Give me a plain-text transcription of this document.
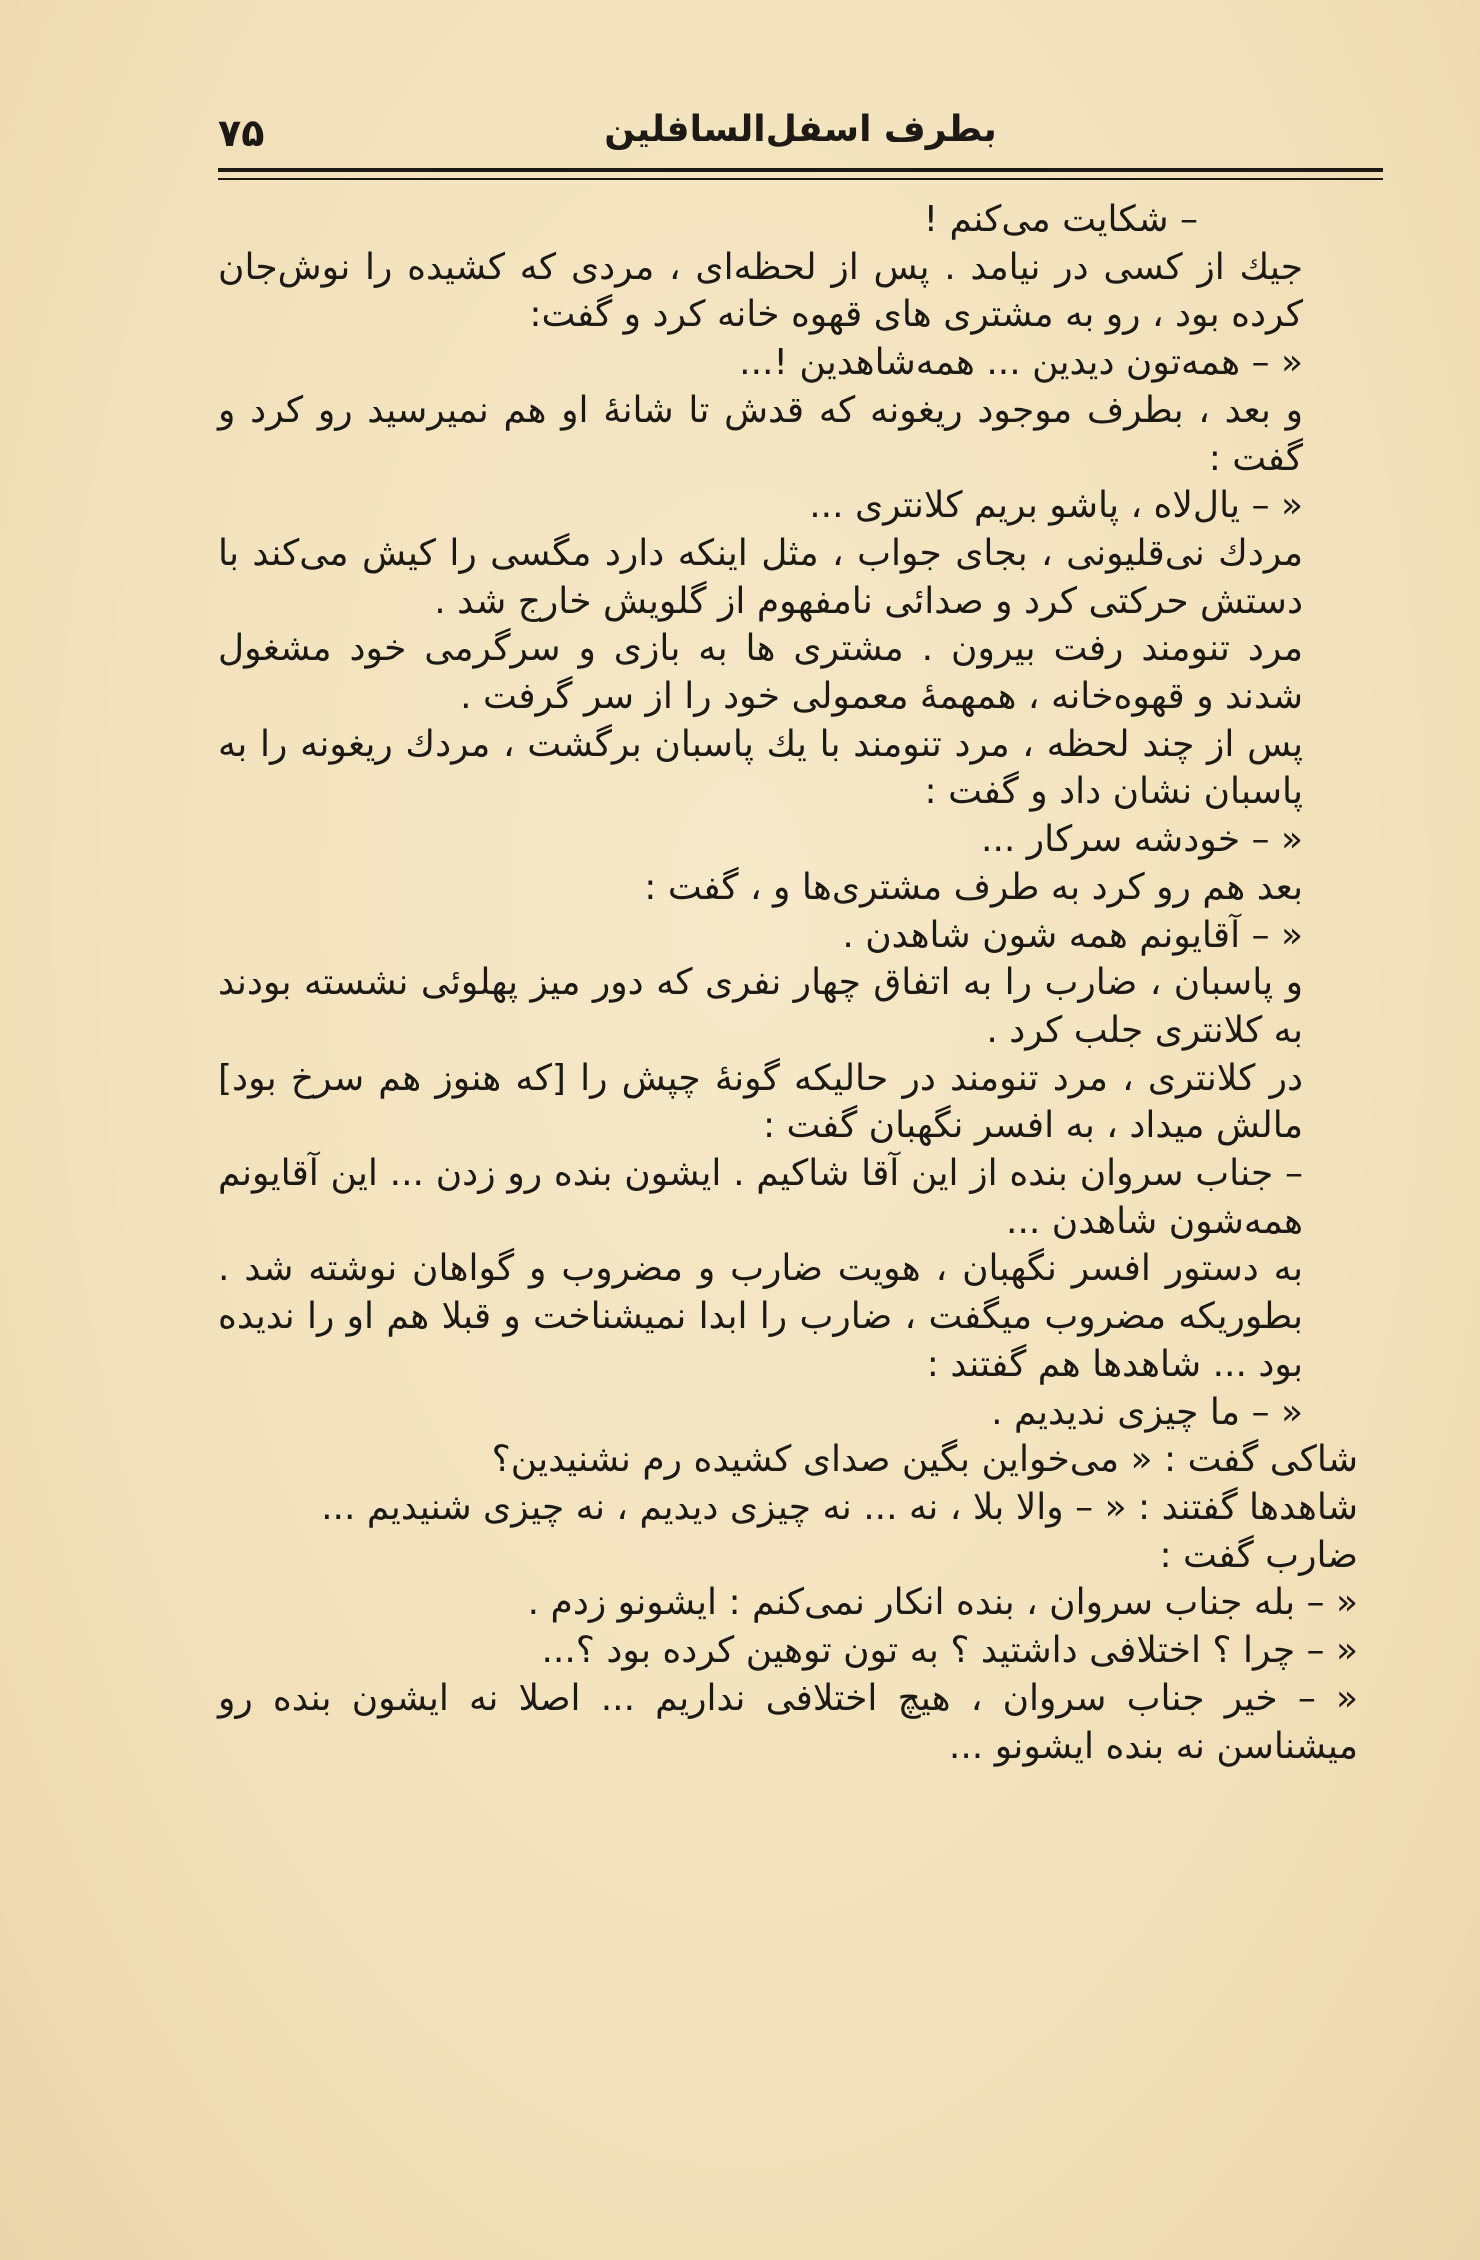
۷۵	بطرف اسفل‌السافلین

– شکایت می‌کنم !

جیك از کسی در نیامد . پس از لحظه‌ای ، مردی که کشیده را نوش‌جان کرده بود ، رو به مشتری های قهوه خانه کرد و گفت:

« – همه‌تون دیدین ... همه‌شاهدین !...

و بعد ، بطرف موجود ریغونه که قدش تا شانهٔ او هم نمیرسید رو کرد و گفت :

« – یال‌لاه ، پاشو بریم کلانتری ...

مردك نی‌قلیونی ، بجای جواب ، مثل اینکه دارد مگسی را کیش می‌کند با دستش حرکتی کرد و صدائی نامفهوم از گلویش خارج شد .

مرد تنومند رفت بیرون . مشتری ها به بازی و سرگرمی خود مشغول شدند و قهوه‌خانه ، همهمهٔ معمولی خود را از سر گرفت .

پس از چند لحظه ، مرد تنومند با یك پاسبان برگشت ، مردك ریغونه را به پاسبان نشان داد و گفت :

« – خودشه سرکار ...

بعد هم رو کرد به طرف مشتری‌ها و ، گفت :

« – آقایونم همه شون شاهدن .

و پاسبان ، ضارب را به اتفاق چهار نفری که دور میز پهلوئی نشسته بودند به کلانتری جلب کرد .

در کلانتری ، مرد تنومند در حالیکه گونهٔ چپش را [که هنوز هم سرخ بود] مالش میداد ، به افسر نگهبان گفت :

– جناب سروان بنده از این آقا شاکیم . ایشون بنده رو زدن ... این آقایونم همه‌شون شاهدن ...

به دستور افسر نگهبان ، هویت ضارب و مضروب و گواهان نوشته شد . بطوریکه مضروب میگفت ، ضارب را ابدا نمیشناخت و قبلا هم او را ندیده بود ... شاهدها هم گفتند :

« – ما چیزی ندیدیم .

شاکی گفت : « می‌خواین بگین صدای کشیده رم نشنیدین؟

شاهدها گفتند : « – والا بلا ، نه ... نه چیزی دیدیم ، نه چیزی شنیدیم ...

ضارب گفت :

« – بله جناب سروان ، بنده انکار نمی‌کنم : ایشونو زدم .

« – چرا ؟ اختلافی داشتید ؟ به تون توهین کرده بود ؟...

« – خیر جناب سروان ، هیچ اختلافی نداریم ... اصلا نه ایشون بنده رو میشناسن نه بنده ایشونو ...
